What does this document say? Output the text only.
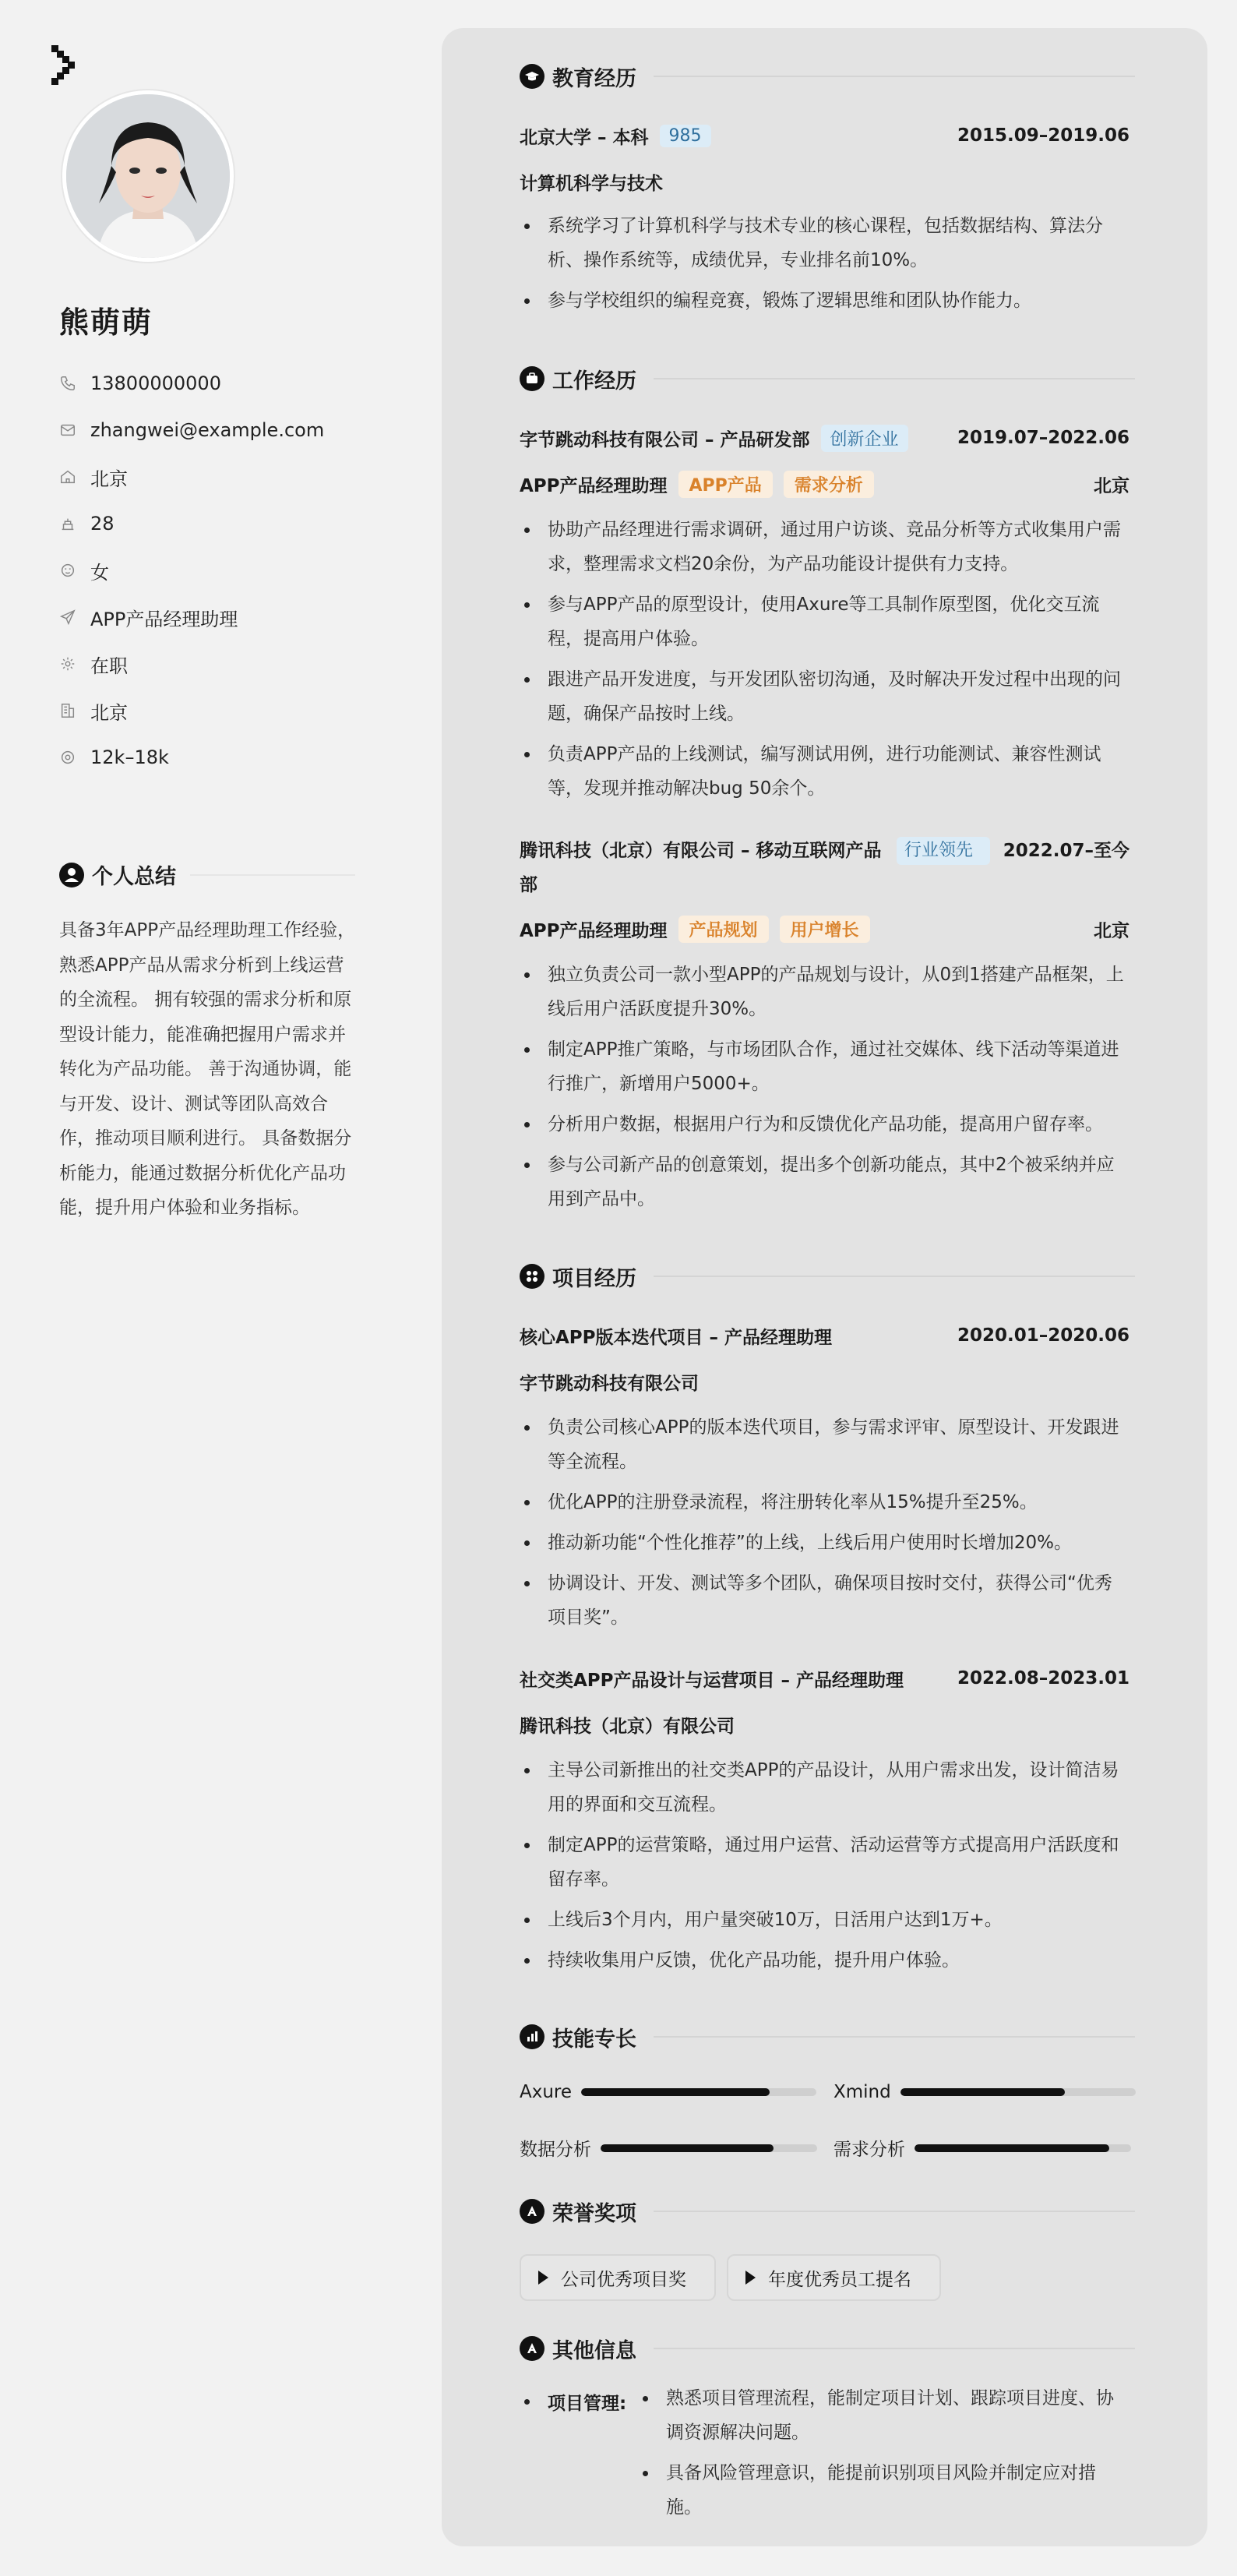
熊萌萌
13800000000
zhangwei@example.com
北京
28
女
APP产品经理助理
在职
北京
12k–18k
个人总结
具备3年APP产品经理助理工作经验，熟悉APP产品从需求分析到上线运营的全流程。 拥有较强的需求分析和原型设计能力，能准确把握用户需求并转化为产品功能。 善于沟通协调，能与开发、设计、测试等团队高效合作，推动项目顺利进行。 具备数据分析能力，能通过数据分析优化产品功能，提升用户体验和业务指标。
教育经历
北京大学 – 本科	985	2015.09–2019.06
计算机科学与技术
系统学习了计算机科学与技术专业的核心课程，包括数据结构、算法分析、操作系统等，成绩优异，专业排名前10%。
参与学校组织的编程竞赛，锻炼了逻辑思维和团队协作能力。
工作经历
字节跳动科技有限公司 – 产品研发部	创新企业	2019.07–2022.06
APP产品经理助理	APP产品	需求分析	北京
协助产品经理进行需求调研，通过用户访谈、竞品分析等方式收集用户需求，整理需求文档20余份，为产品功能设计提供有力支持。
参与APP产品的原型设计，使用Axure等工具制作原型图，优化交互流程，提高用户体验。
跟进产品开发进度，与开发团队密切沟通，及时解决开发过程中出现的问题，确保产品按时上线。
负责APP产品的上线测试，编写测试用例，进行功能测试、兼容性测试等，发现并推动解决bug 50余个。
腾讯科技（北京）有限公司 – 移动互联网产品部
行业领先	2022.07–至今
APP产品经理助理	产品规划	用户增长	北京
独立负责公司一款小型APP的产品规划与设计，从0到1搭建产品框架，上线后用户活跃度提升30%。
制定APP推广策略，与市场团队合作，通过社交媒体、线下活动等渠道进行推广，新增用户5000+。
分析用户数据，根据用户行为和反馈优化产品功能，提高用户留存率。
参与公司新产品的创意策划，提出多个创新功能点，其中2个被采纳并应用到产品中。
项目经历
核心APP版本迭代项目 – 产品经理助理	2020.01–2020.06
字节跳动科技有限公司
负责公司核心APP的版本迭代项目，参与需求评审、原型设计、开发跟进等全流程。
优化APP的注册登录流程，将注册转化率从15%提升至25%。
推动新功能“个性化推荐”的上线，上线后用户使用时长增加20%。
协调设计、开发、测试等多个团队，确保项目按时交付，获得公司“优秀项目奖”。
社交类APP产品设计与运营项目 – 产品经理助理	2022.08–2023.01
腾讯科技（北京）有限公司
主导公司新推出的社交类APP的产品设计，从用户需求出发，设计简洁易用的界面和交互流程。
制定APP的运营策略，通过用户运营、活动运营等方式提高用户活跃度和留存率。
上线后3个月内，用户量突破10万，日活用户达到1万+。
持续收集用户反馈，优化产品功能，提升用户体验。
技能专长
Axure	Xmind
数据分析	需求分析
荣誉奖项
公司优秀项目奖	年度优秀员工提名
其他信息
项目管理:	熟悉项目管理流程，能制定项目计划、跟踪项目进度、协调资源解决问题。
具备风险管理意识，能提前识别项目风险并制定应对措施。
